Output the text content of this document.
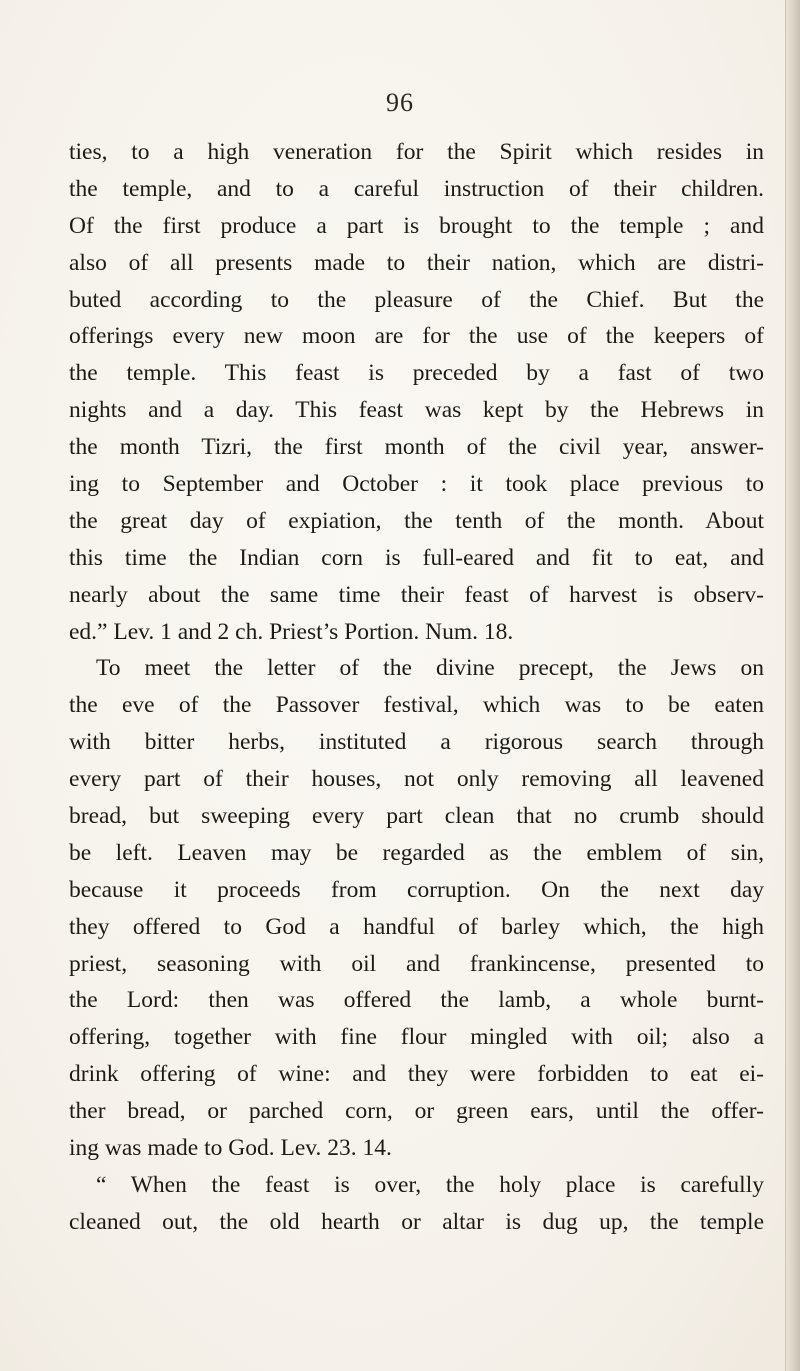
96
ties, to a high veneration for the Spirit which resides in
the temple, and to a careful instruction of their children.
Of the first produce a part is brought to the temple ; and
also of all presents made to their nation, which are distri-
buted according to the pleasure of the Chief. But the
offerings every new moon are for the use of the keepers of
the temple. This feast is preceded by a fast of two
nights and a day. This feast was kept by the Hebrews in
the month Tizri, the first month of the civil year, answer-
ing to September and October : it took place previous to
the great day of expiation, the tenth of the month. About
this time the Indian corn is full-eared and fit to eat, and
nearly about the same time their feast of harvest is observ-
ed.” Lev. 1 and 2 ch. Priest’s Portion. Num. 18.
To meet the letter of the divine precept, the Jews on
the eve of the Passover festival, which was to be eaten
with bitter herbs, instituted a rigorous search through
every part of their houses, not only removing all leavened
bread, but sweeping every part clean that no crumb should
be left. Leaven may be regarded as the emblem of sin,
because it proceeds from corruption. On the next day
they offered to God a handful of barley which, the high
priest, seasoning with oil and frankincense, presented to
the Lord: then was offered the lamb, a whole burnt-
offering, together with fine flour mingled with oil; also a
drink offering of wine: and they were forbidden to eat ei-
ther bread, or parched corn, or green ears, until the offer-
ing was made to God. Lev. 23. 14.
“ When the feast is over, the holy place is carefully
cleaned out, the old hearth or altar is dug up, the temple
